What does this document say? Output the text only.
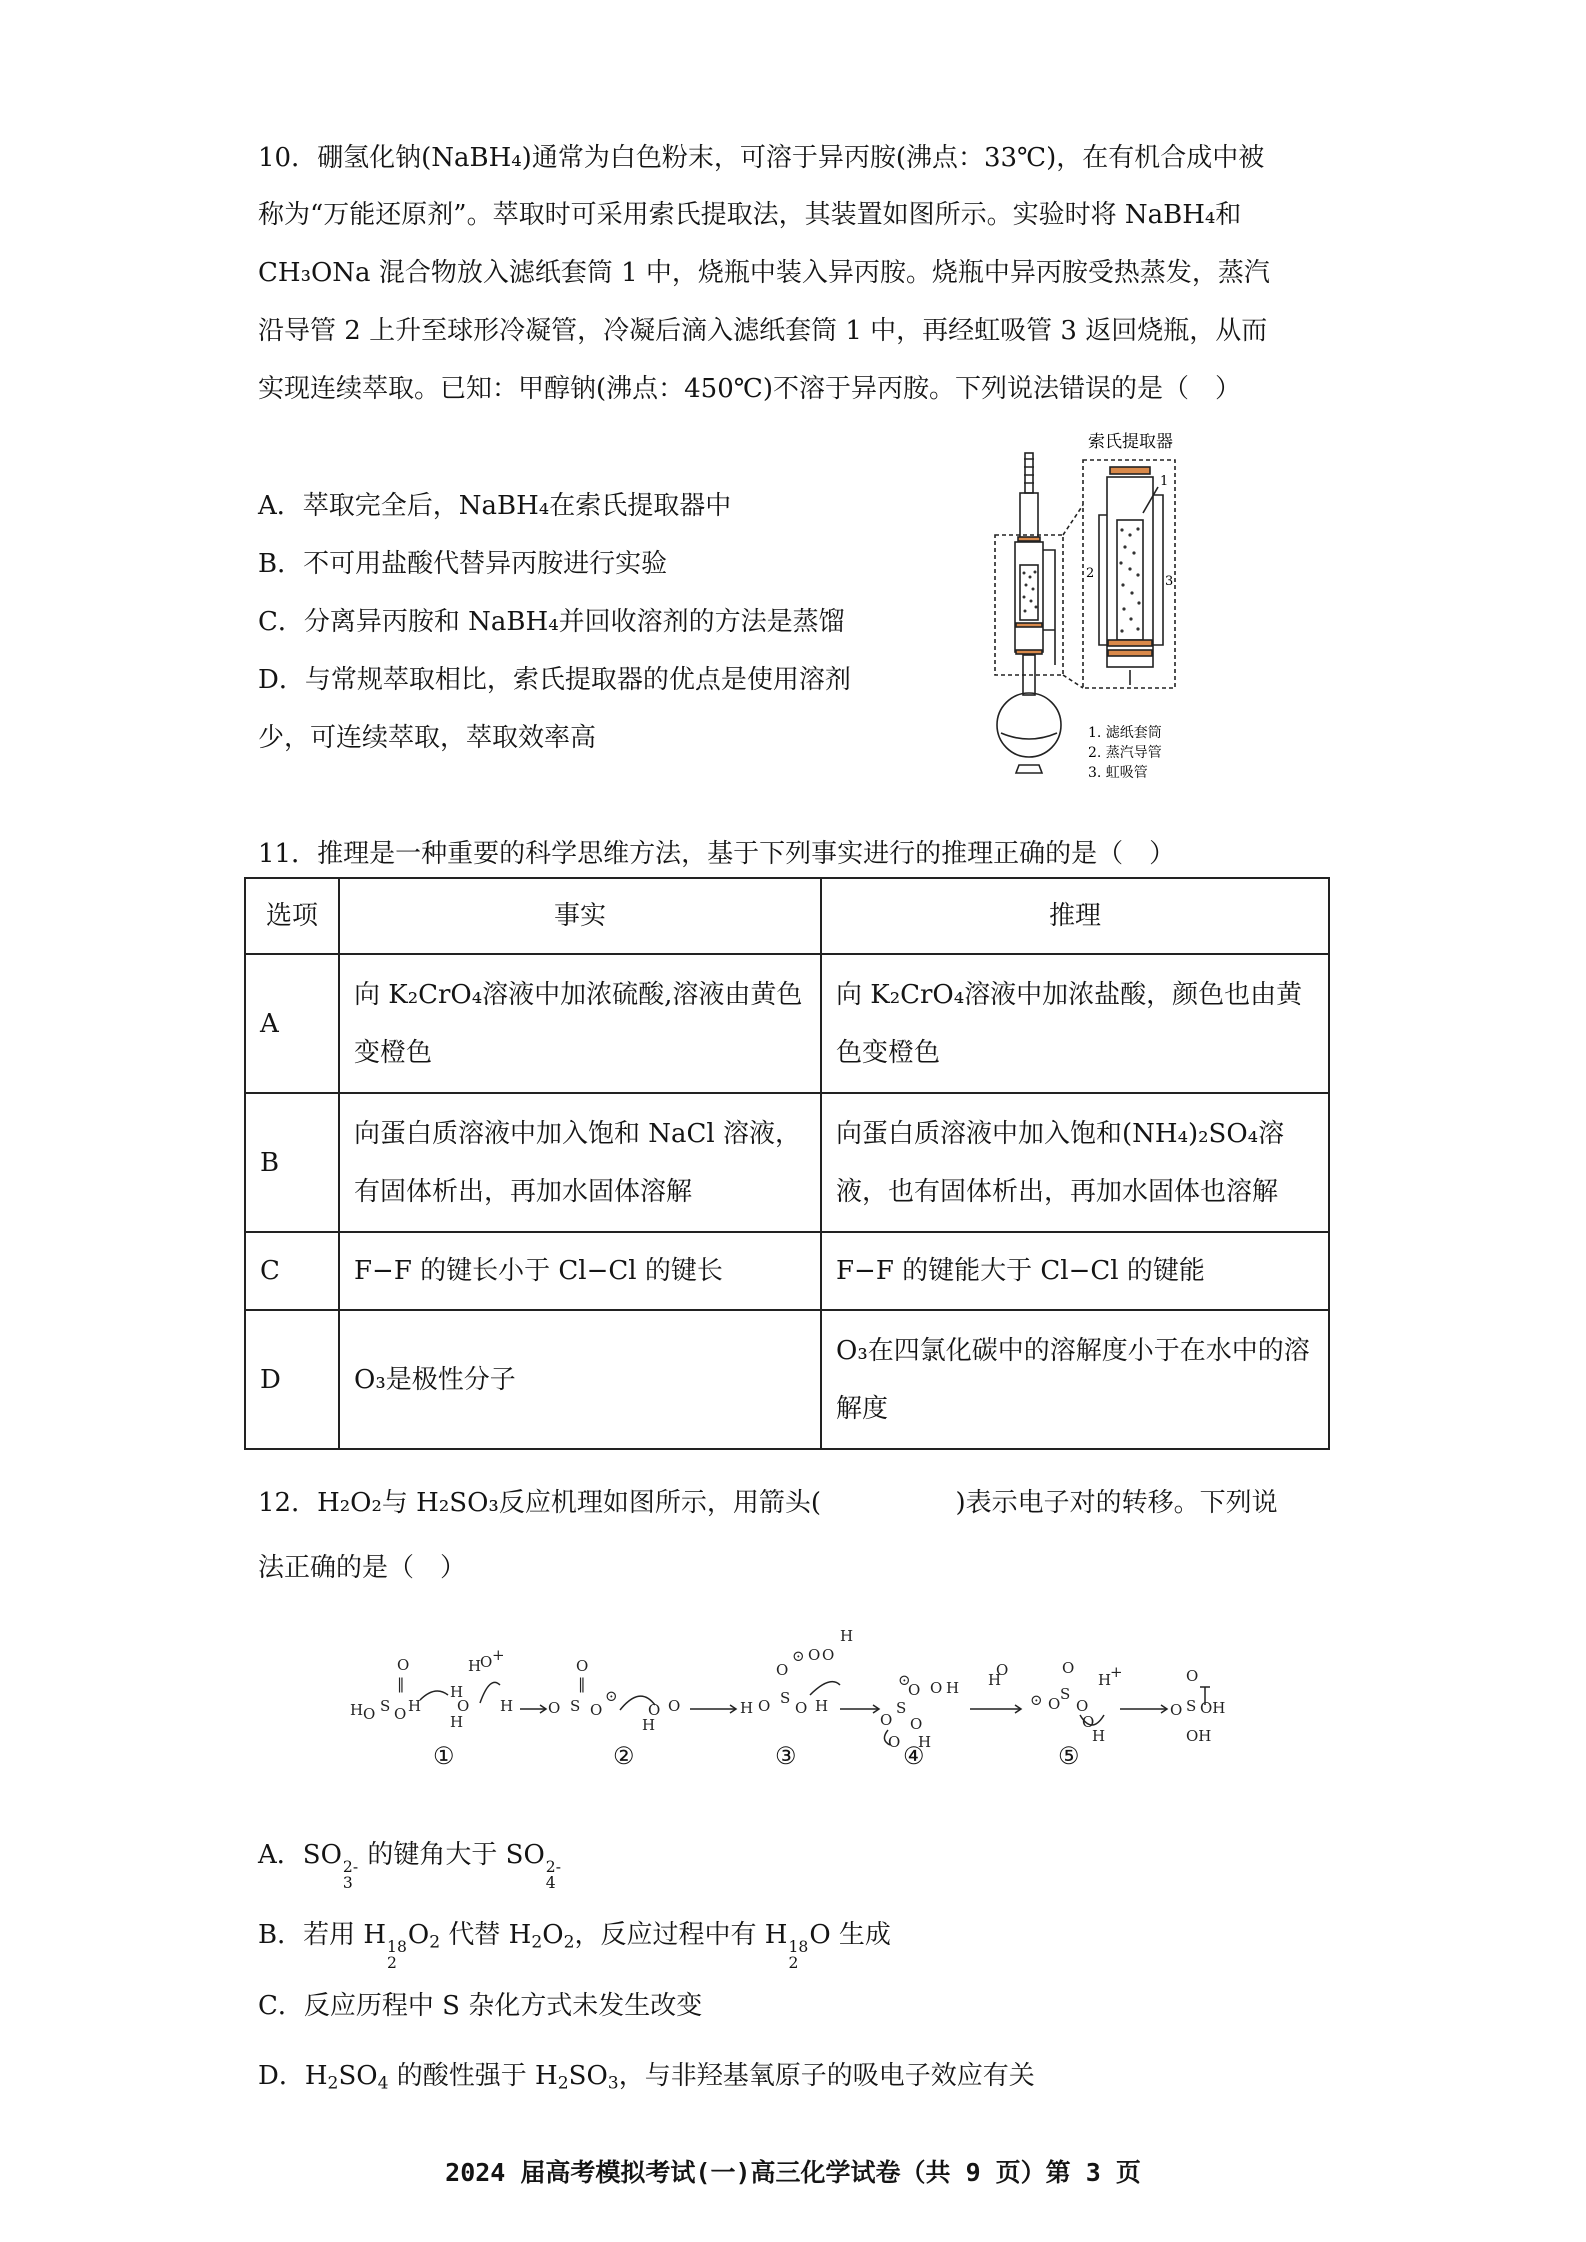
10．硼氢化钠(NaBH₄)通常为白色粉末，可溶于异丙胺(沸点：33℃)，在有机合成中被
称为“万能还原剂”。萃取时可采用索氏提取法，其装置如图所示。实验时将 NaBH₄和
CH₃ONa 混合物放入滤纸套筒 1 中，烧瓶中装入异丙胺。烧瓶中异丙胺受热蒸发，蒸汽
沿导管 2 上升至球形冷凝管，冷凝后滴入滤纸套筒 1 中，再经虹吸管 3 返回烧瓶，从而
实现连续萃取。已知：甲醇钠(沸点：450℃)不溶于异丙胺。下列说法错误的是（　）
A．萃取完全后，NaBH₄在索氏提取器中
B．不可用盐酸代替异丙胺进行实验
C．分离异丙胺和 NaBH₄并回收溶剂的方法是蒸馏
D．与常规萃取相比，索氏提取器的优点是使用溶剂
少，可连续萃取，萃取效率高
索氏提取器
1
2
3
1. 滤纸套筒
2. 蒸汽导管
3. 虹吸管
11．推理是一种重要的科学思维方法，基于下列事实进行的推理正确的是（　）
选项	事实	推理
A	向 K₂CrO₄溶液中加浓硫酸,溶液由黄色变橙色	向 K₂CrO₄溶液中加浓盐酸，颜色也由黄色变橙色
B	向蛋白质溶液中加入饱和 NaCl 溶液，有固体析出，再加水固体溶解	向蛋白质溶液中加入饱和(NH₄)₂SO₄溶液，也有固体析出，再加水固体也溶解
C	F−F 的键长小于 Cl−Cl 的键长	F−F 的键能大于 Cl−Cl 的键能
D	O₃是极性分子	O₃在四氯化碳中的溶解度小于在水中的溶解度
12．H₂O₂与 H₂SO₃反应机理如图所示，用箭头(	)表示电子对的转移。下列说
法正确的是（　）
O
‖
H O S O H
H
H
O +
O
H
H O
O
‖
S O
⊙
O O
H
H O S
O H
O
⊙ O O
H
O
S
O
⊙ O H
O
O
H
H
O
⊙ O
S
O
O
H
O
H
+
O S OH
O
OH
①	②	③	④	⑤
A．SO 2-
3
的键角大于 SO 2-
4
B．若用 H 18
2
$O_2$ 代替 $H_2O_2$，反应过程中有 H 18
2
O 生成
C．反应历程中 S 杂化方式未发生改变
D．$H_2SO_4$ 的酸性强于 $H_2SO_3$，与非羟基氧原子的吸电子效应有关
2024 届高考模拟考试(一)高三化学试卷（共 9 页）第 3 页
